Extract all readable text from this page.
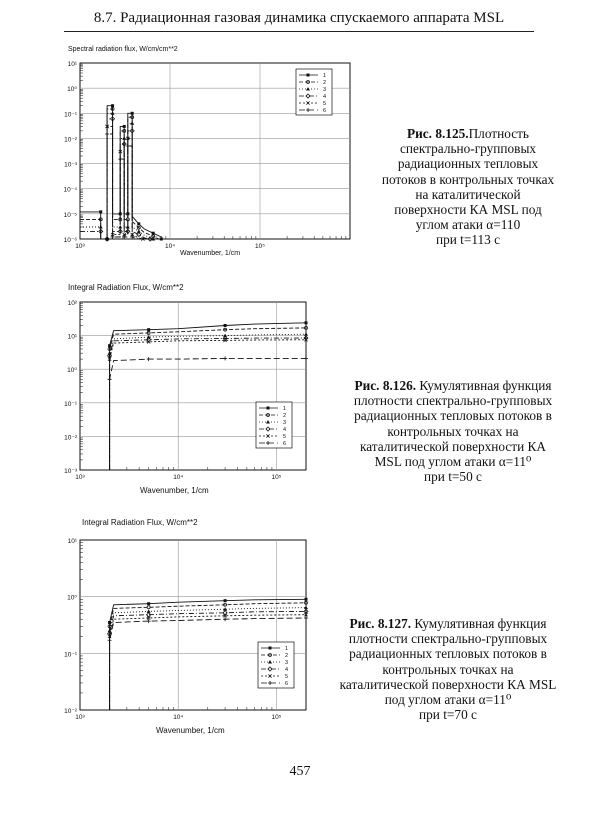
8.7. Радиационная газовая динамика спускаемого аппарата MSL
Spectral radiation flux, W/cm/cm**2
10⁻⁶
10⁻⁵
10⁻⁴
10⁻³
10⁻²
10⁻¹
10⁰
10¹
10³	10⁴	10⁵
1
2
3
4
5
6
Wavenumber, 1/cm
Рис. 8.125.Плотность
спектрально-групповых
радиационных тепловых
потоков в контрольных точках
на каталитической
поверхности КА MSL под
углом атаки α=110
при t=113 с
Integral Radiation Flux, W/cm**2
10⁻³
10⁻²
10⁻¹
10⁰
10¹
10²
10³	10⁴	10⁵
1
2
3
4
5
6
Wavenumber, 1/cm
Рис. 8.126. Кумулятивная функция
плотности спектрально-групповых
радиационных тепловых потоков в
контрольных точках на
каталитической поверхности КА
MSL под углом атаки α=11⁰
при t=50 с
Integral Radiation Flux, W/cm**2
10⁻²
10⁻¹
10⁰
10¹
10³	10⁴	10⁵
1
2
3
4
5
6
Wavenumber, 1/cm
Рис. 8.127. Кумулятивная функция
плотности спектрально-групповых
радиационных тепловых потоков в
контрольных точках на
каталитической поверхности КА MSL
под углом атаки α=11⁰
при t=70 с
457
